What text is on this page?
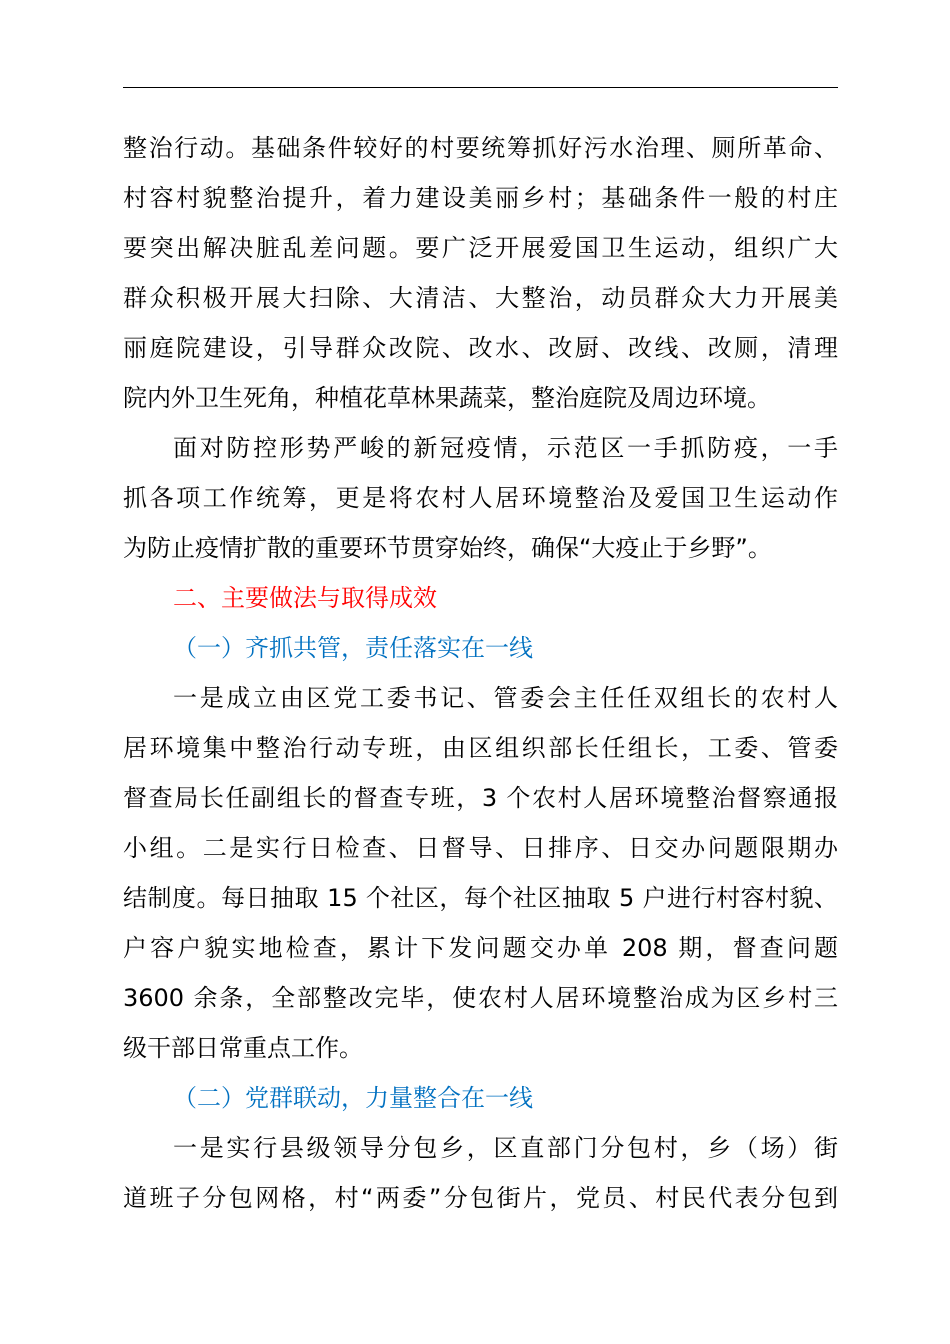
整治行动。基础条件较好的村要统筹抓好污水治理、厕所革命、
村容村貌整治提升，着力建设美丽乡村；基础条件一般的村庄
要突出解决脏乱差问题。要广泛开展爱国卫生运动，组织广大
群众积极开展大扫除、大清洁、大整治，动员群众大力开展美
丽庭院建设，引导群众改院、改水、改厨、改线、改厕，清理
院内外卫生死角，种植花草林果蔬菜，整治庭院及周边环境。
面对防控形势严峻的新冠疫情，示范区一手抓防疫，一手
抓各项工作统筹，更是将农村人居环境整治及爱国卫生运动作
为防止疫情扩散的重要环节贯穿始终，确保“大疫止于乡野”。
二、主要做法与取得成效
（一）齐抓共管，责任落实在一线
一是成立由区党工委书记、管委会主任任双组长的农村人
居环境集中整治行动专班，由区组织部长任组长，工委、管委
督查局长任副组长的督查专班，3 个农村人居环境整治督察通报
小组。二是实行日检查、日督导、日排序、日交办问题限期办
结制度。每日抽取 15 个社区，每个社区抽取 5 户进行村容村貌、
户容户貌实地检查，累计下发问题交办单 208 期，督查问题
3600 余条，全部整改完毕，使农村人居环境整治成为区乡村三
级干部日常重点工作。
（二）党群联动，力量整合在一线
一是实行县级领导分包乡，区直部门分包村，乡（场）街
道班子分包网格，村“两委”分包街片，党员、村民代表分包到
